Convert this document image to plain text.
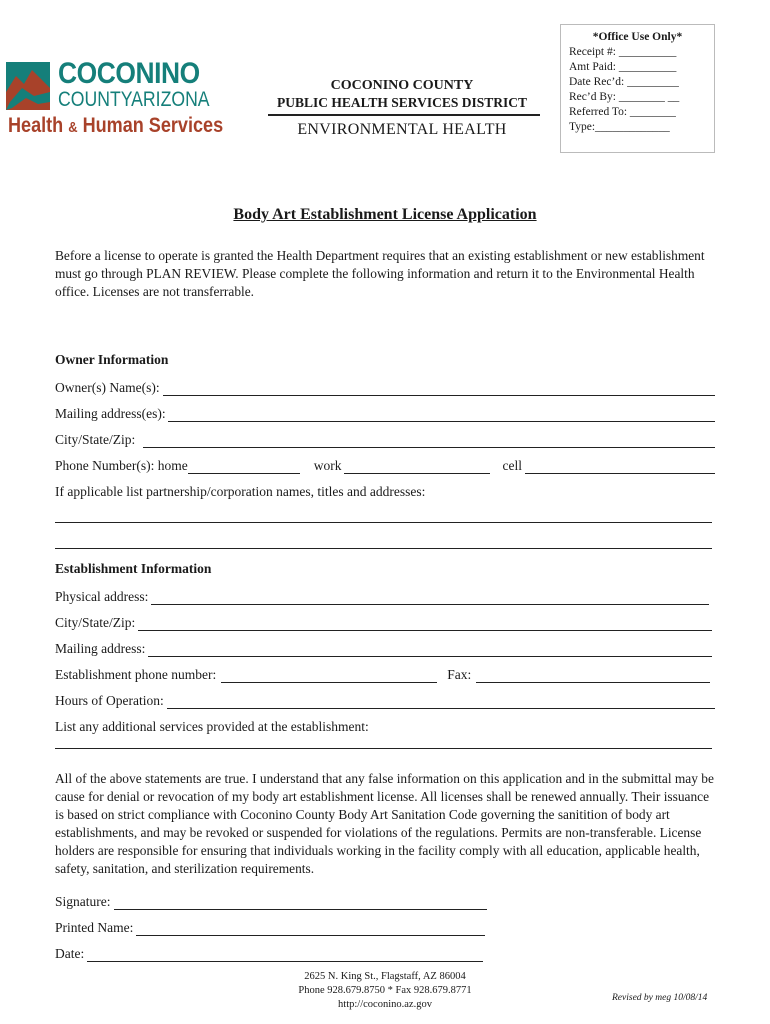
COCONINO
COUNTYARIZONA
Health & Human Services
COCONINO COUNTY
PUBLIC HEALTH SERVICES DISTRICT
ENVIRONMENTAL HEALTH
*Office Use Only*
Receipt #: __________
Amt Paid: __________
Date Rec’d: _________
Rec’d By: ________ __
Referred To: ________
Type:_____________
Body Art Establishment License Application
Before a license to operate is granted the Health Department requires that an existing establishment or new establishment must go through PLAN REVIEW. Please complete the following information and return it to the Environmental Health office. Licenses are not transferrable.
Owner Information
Owner(s) Name(s):
Mailing address(es):
City/State/Zip:
Phone Number(s): home	work	cell
If applicable list partnership/corporation names, titles and addresses:
Establishment Information
Physical address:
City/State/Zip:
Mailing address:
Establishment phone number:	Fax:
Hours of Operation:
List any additional services provided at the establishment:
All of the above statements are true. I understand that any false information on this application and in the submittal may be cause for denial or revocation of my body art establishment license. All licenses shall be renewed annually. Their issuance is based on strict compliance with Coconino County Body Art Sanitation Code governing the sanitition of body art establishments, and may be revoked or suspended for violations of the regulations. Permits are non-transferable. License holders are responsible for ensuring that individuals working in the facility comply with all education, applicable health, safety, sanitation, and sterilization requirements.
Signature:
Printed Name:
Date:
2625 N. King St., Flagstaff, AZ 86004
Phone 928.679.8750 * Fax 928.679.8771
http://coconino.az.gov
Revised by meg 10/08/14
